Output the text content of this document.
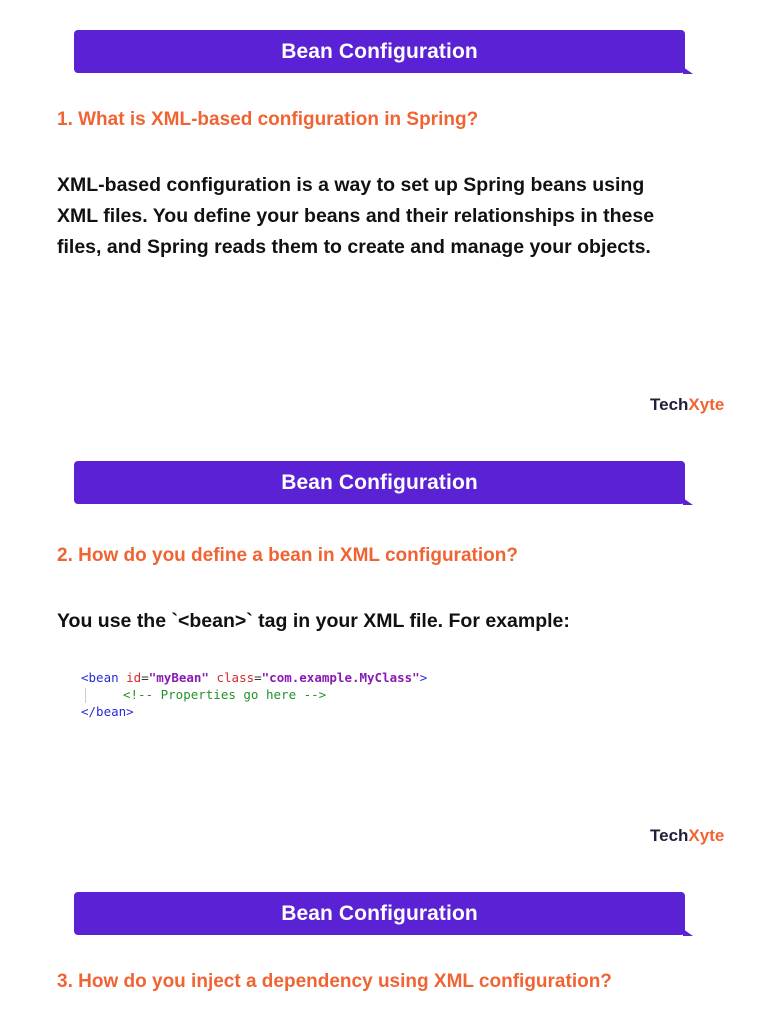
Bean Configuration
1. What is XML-based configuration in Spring?
XML-based configuration is a way to set up Spring beans using
XML files. You define your beans and their relationships in these
files, and Spring reads them to create and manage your objects.
TechXyte
Bean Configuration
2. How do you define a bean in XML configuration?
You use the `<bean>` tag in your XML file. For example:
<bean id="myBean" class="com.example.MyClass">
<!-- Properties go here -->
</bean>
TechXyte
Bean Configuration
3. How do you inject a dependency using XML configuration?
